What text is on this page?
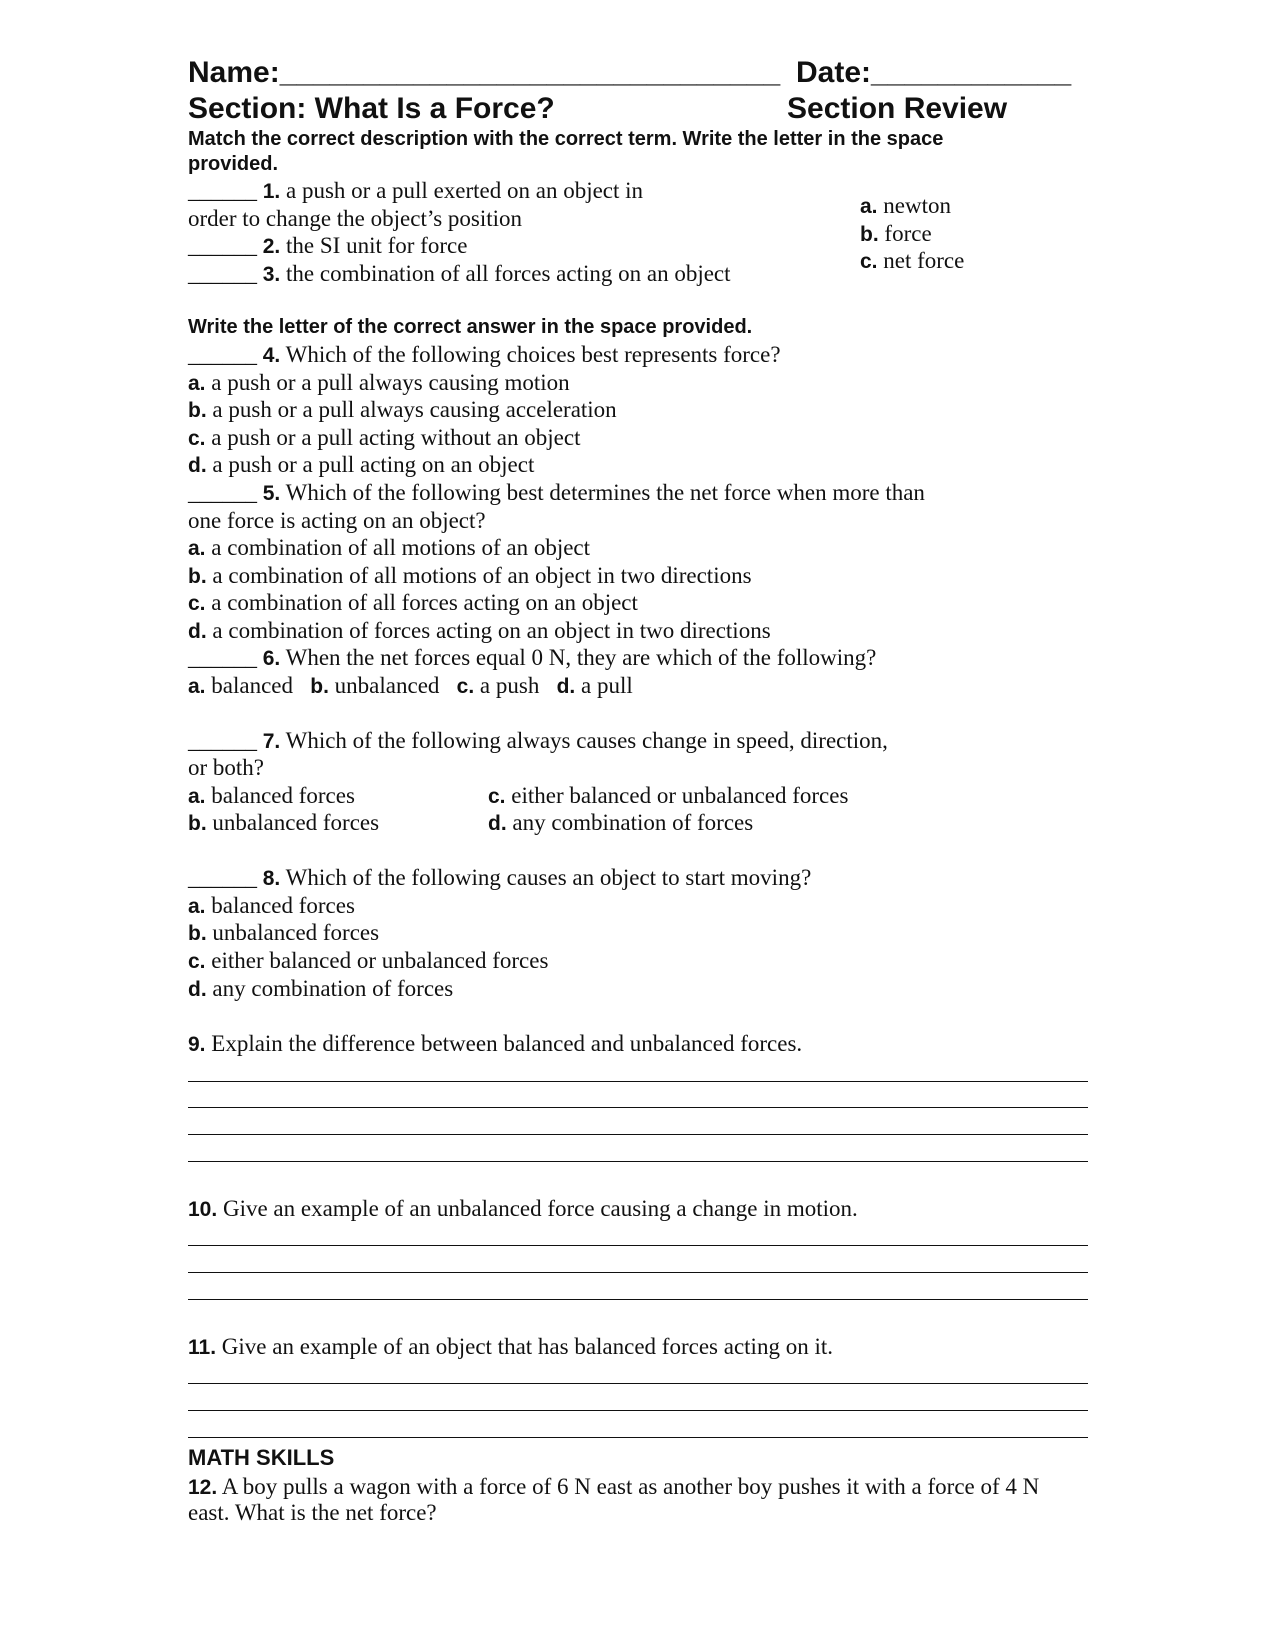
Name:______________________________ Date:____________
Section: What Is a Force?	Section Review
Match the correct description with the correct term. Write the letter in the space
provided.
______ 1. a push or a pull exerted on an object in
order to change the object’s position
______ 2. the SI unit for force
______ 3. the combination of all forces acting on an object
a. newton
b. force
c. net force
Write the letter of the correct answer in the space provided.
______ 4. Which of the following choices best represents force?
a. a push or a pull always causing motion
b. a push or a pull always causing acceleration
c. a push or a pull acting without an object
d. a push or a pull acting on an object
______ 5. Which of the following best determines the net force when more than
one force is acting on an object?
a. a combination of all motions of an object
b. a combination of all motions of an object in two directions
c. a combination of all forces acting on an object
d. a combination of forces acting on an object in two directions
______ 6. When the net forces equal 0 N, they are which of the following?
a. balanced b. unbalanced c. a push d. a pull
______ 7. Which of the following always causes change in speed, direction,
or both?
a. balanced forces
b. unbalanced forces
c. either balanced or unbalanced forces
d. any combination of forces
______ 8. Which of the following causes an object to start moving?
a. balanced forces
b. unbalanced forces
c. either balanced or unbalanced forces
d. any combination of forces
9. Explain the difference between balanced and unbalanced forces.
10. Give an example of an unbalanced force causing a change in motion.
11. Give an example of an object that has balanced forces acting on it.
MATH SKILLS
12. A boy pulls a wagon with a force of 6 N east as another boy pushes it with a force of 4 N
east. What is the net force?
